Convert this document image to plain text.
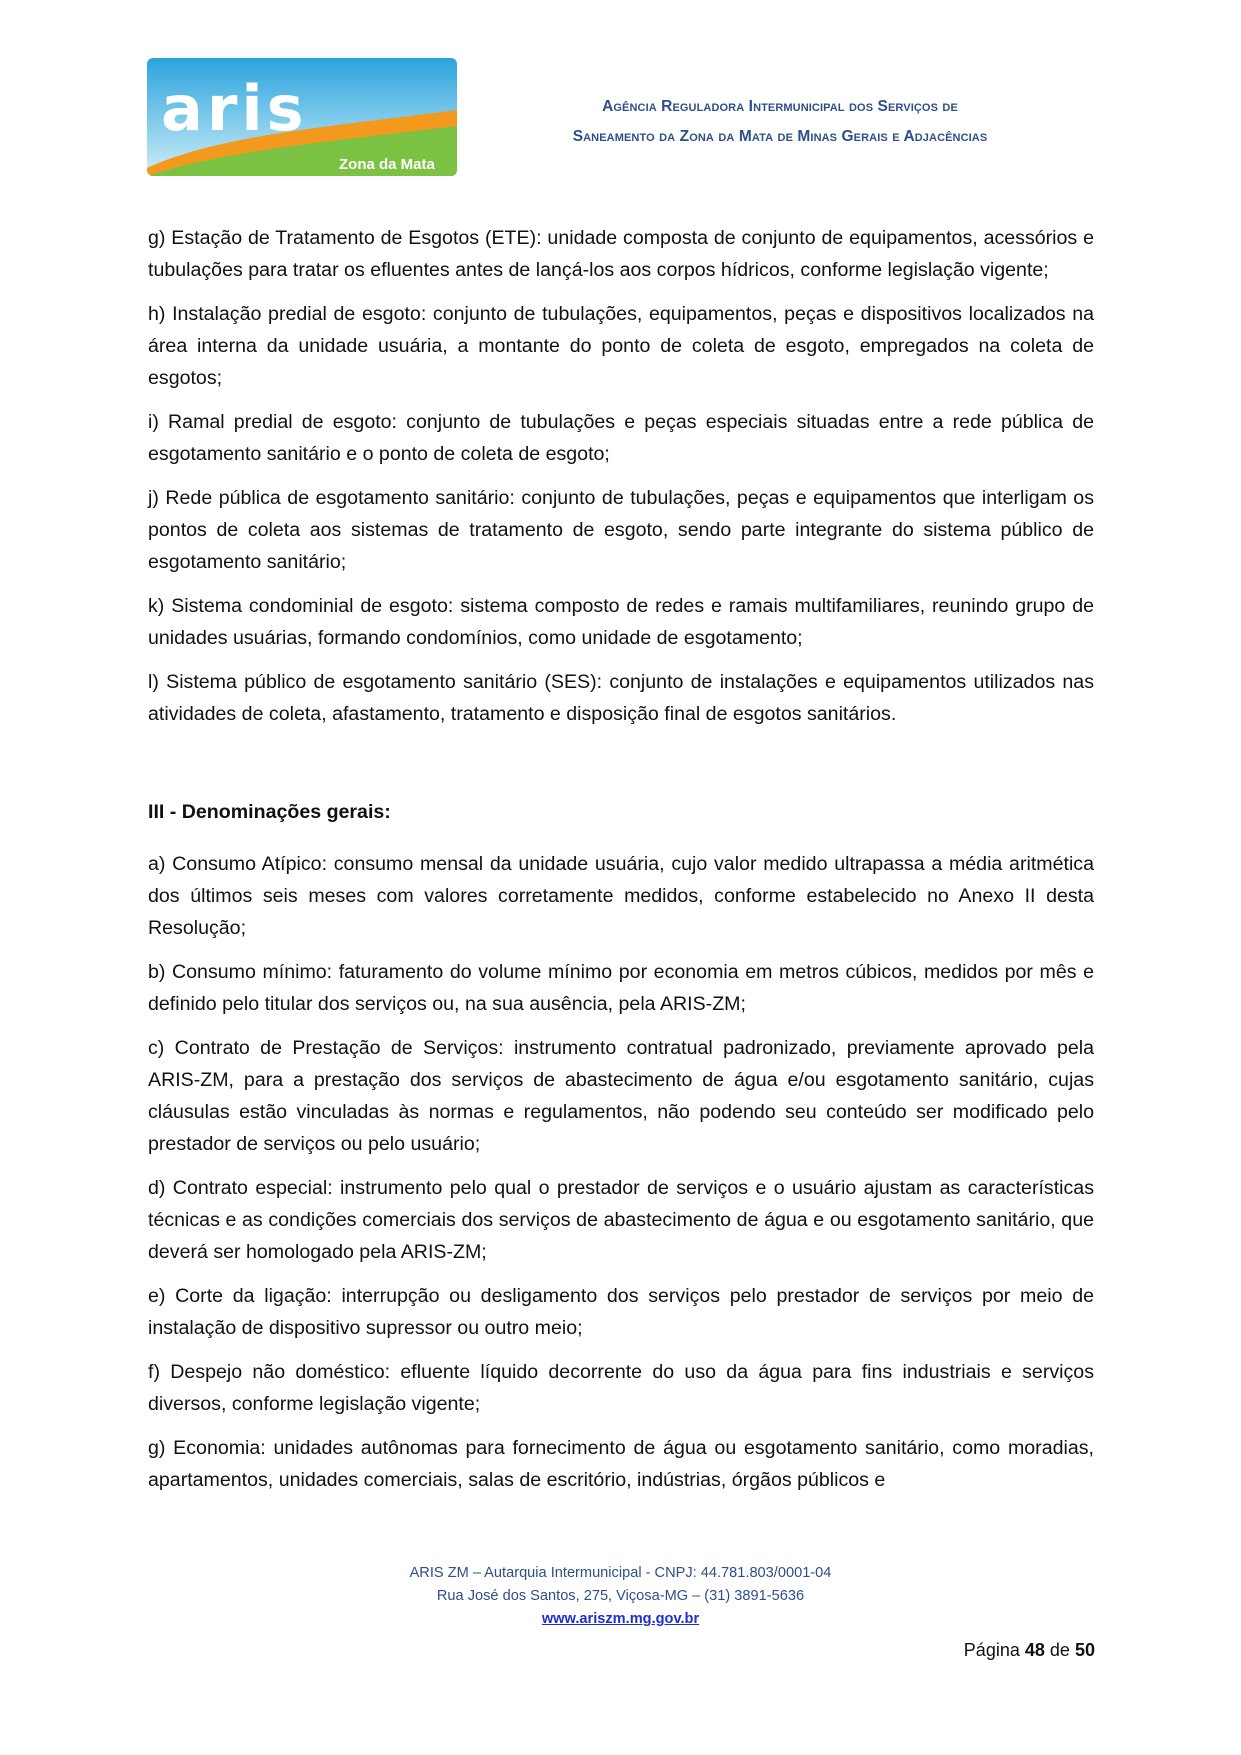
aris
Zona da Mata
Agência Reguladora Intermunicipal dos Serviços de
Saneamento da Zona da Mata de Minas Gerais e Adjacências

g) Estação de Tratamento de Esgotos (ETE): unidade composta de conjunto de equipamentos, acessórios e tubulações para tratar os efluentes antes de lançá-los aos corpos hídricos, conforme legislação vigente;

h) Instalação predial de esgoto: conjunto de tubulações, equipamentos, peças e dispositivos localizados na área interna da unidade usuária, a montante do ponto de coleta de esgoto, empregados na coleta de esgotos;

i) Ramal predial de esgoto: conjunto de tubulações e peças especiais situadas entre a rede pública de esgotamento sanitário e o ponto de coleta de esgoto;

j) Rede pública de esgotamento sanitário: conjunto de tubulações, peças e equipamentos que interligam os pontos de coleta aos sistemas de tratamento de esgoto, sendo parte integrante do sistema público de esgotamento sanitário;

k) Sistema condominial de esgoto: sistema composto de redes e ramais multifamiliares, reunindo grupo de unidades usuárias, formando condomínios, como unidade de esgotamento;

l) Sistema público de esgotamento sanitário (SES): conjunto de instalações e equipamentos utilizados nas atividades de coleta, afastamento, tratamento e disposição final de esgotos sanitários.

III - Denominações gerais:

a) Consumo Atípico: consumo mensal da unidade usuária, cujo valor medido ultrapassa a média aritmética dos últimos seis meses com valores corretamente medidos, conforme estabelecido no Anexo II desta Resolução;

b) Consumo mínimo: faturamento do volume mínimo por economia em metros cúbicos, medidos por mês e definido pelo titular dos serviços ou, na sua ausência, pela ARIS-ZM;

c) Contrato de Prestação de Serviços: instrumento contratual padronizado, previamente aprovado pela ARIS-ZM, para a prestação dos serviços de abastecimento de água e/ou esgotamento sanitário, cujas cláusulas estão vinculadas às normas e regulamentos, não podendo seu conteúdo ser modificado pelo prestador de serviços ou pelo usuário;

d) Contrato especial: instrumento pelo qual o prestador de serviços e o usuário ajustam as características técnicas e as condições comerciais dos serviços de abastecimento de água e ou esgotamento sanitário, que deverá ser homologado pela ARIS-ZM;

e) Corte da ligação: interrupção ou desligamento dos serviços pelo prestador de serviços por meio de instalação de dispositivo supressor ou outro meio;

f) Despejo não doméstico: efluente líquido decorrente do uso da água para fins industriais e serviços diversos, conforme legislação vigente;

g) Economia: unidades autônomas para fornecimento de água ou esgotamento sanitário, como moradias, apartamentos, unidades comerciais, salas de escritório, indústrias, órgãos públicos e

ARIS ZM – Autarquia Intermunicipal - CNPJ: 44.781.803/0001-04
Rua José dos Santos, 275, Viçosa-MG – (31) 3891-5636
www.ariszm.mg.gov.br
Página 48 de 50
